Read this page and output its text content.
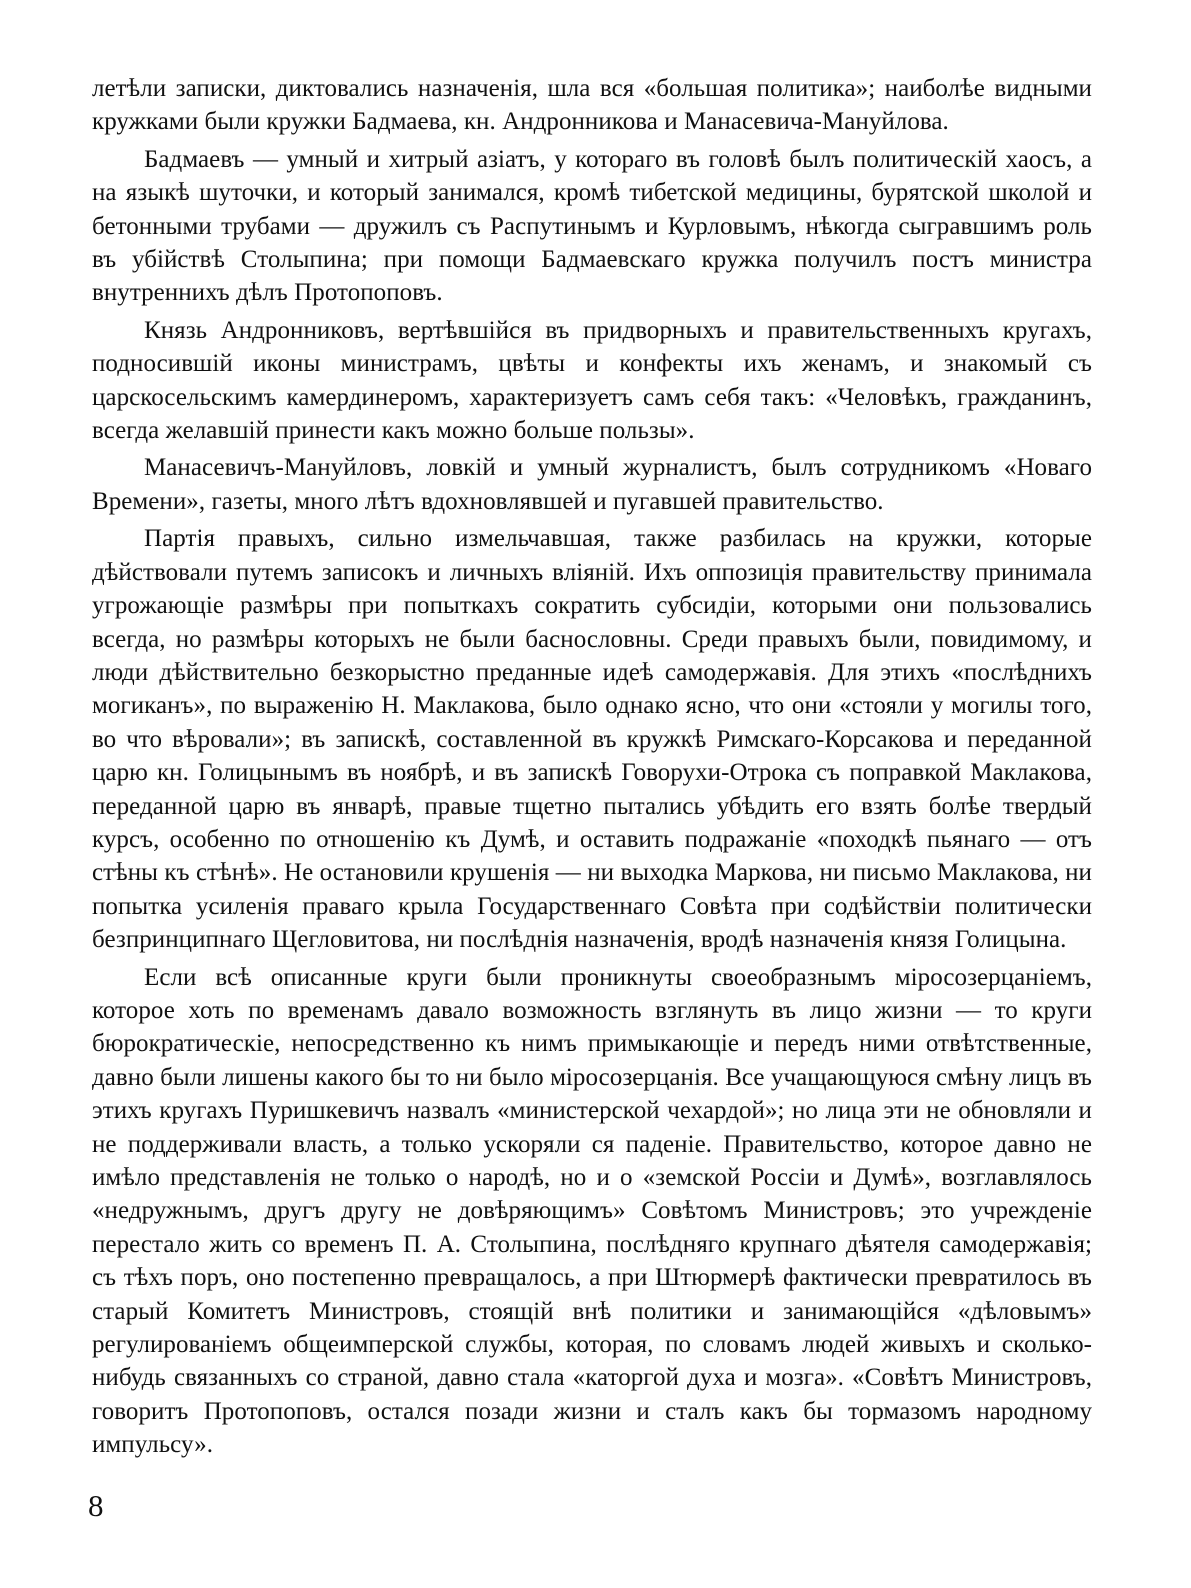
летѣли записки, диктовались назначенія, шла вся «большая политика»; наиболѣе видными кружками были кружки Бадмаева, кн. Андронникова и Манасевича-Мануйлова.

Бадмаевъ — умный и хитрый азіатъ, у котораго въ головѣ былъ политическій хаосъ, а на языкѣ шуточки, и который занимался, кромѣ тибетской медицины, бурятской школой и бетонными трубами — дружилъ съ Распутинымъ и Курловымъ, нѣкогда сыгравшимъ роль въ убійствѣ Столыпина; при помощи Бадмаевскаго кружка получилъ постъ министра внутреннихъ дѣлъ Протопоповъ.

Князь Андронниковъ, вертѣвшійся въ придворныхъ и правительственныхъ кругахъ, подносившій иконы министрамъ, цвѣты и конфекты ихъ женамъ, и знакомый съ царскосельскимъ камердинеромъ, характеризуетъ самъ себя такъ: «Человѣкъ, гражданинъ, всегда желавшій принести какъ можно больше пользы».

Манасевичъ-Мануйловъ, ловкій и умный журналистъ, былъ сотрудникомъ «Новаго Времени», газеты, много лѣтъ вдохновлявшей и пугавшей правительство.

Партія правыхъ, сильно измельчавшая, также разбилась на кружки, которые дѣйствовали путемъ записокъ и личныхъ вліяній. Ихъ оппозиція правительству принимала угрожающіе размѣры при попыткахъ сократить субсидіи, которыми они пользовались всегда, но размѣры которыхъ не были баснословны. Среди правыхъ были, повидимому, и люди дѣйствительно безкорыстно преданные идеѣ самодержавія. Для этихъ «послѣднихъ могиканъ», по выраженію Н. Маклакова, было однако ясно, что они «стояли у могилы того, во что вѣровали»; въ запискѣ, составленной въ кружкѣ Римскаго-Корсакова и переданной царю кн. Голицынымъ въ ноябрѣ, и въ запискѣ Говорухи-Отрока съ поправкой Маклакова, переданной царю въ январѣ, правые тщетно пытались убѣдить его взять болѣе твердый курсъ, особенно по отношенію къ Думѣ, и оставить подражаніе «походкѣ пьянаго — отъ стѣны къ стѣнѣ». Не остановили крушенія — ни выходка Маркова, ни письмо Маклакова, ни попытка усиленія праваго крыла Государственнаго Совѣта при содѣйствіи политически безпринципнаго Щегловитова, ни послѣднія назначенія, вродѣ назначенія князя Голицына.

Если всѣ описанные круги были проникнуты своеобразнымъ міросозерцаніемъ, которое хоть по временамъ давало возможность взглянуть въ лицо жизни — то круги бюрократическіе, непосредственно къ нимъ примыкающіе и передъ ними отвѣтственные, давно были лишены какого бы то ни было міросозерцанія. Все учащающуюся смѣну лицъ въ этихъ кругахъ Пуришкевичъ назвалъ «министерской чехардой»; но лица эти не обновляли и не поддерживали власть, а только ускоряли ся паденіе. Правительство, которое давно не имѣло представленія не только о народѣ, но и о «земской Россіи и Думѣ», возглавлялось «недружнымъ, другъ другу не довѣряющимъ» Совѣтомъ Министровъ; это учрежденіе перестало жить со временъ П. А. Столыпина, послѣдняго крупнаго дѣятеля самодержавія; съ тѣхъ поръ, оно постепенно превращалось, а при Штюрмерѣ фактически превратилось въ старый Комитетъ Министровъ, стоящій внѣ политики и занимающійся «дѣловымъ» регулированіемъ общеимперской службы, которая, по словамъ людей живыхъ и сколько-нибудь связанныхъ со страной, давно стала «каторгой духа и мозга». «Совѣтъ Министровъ, говоритъ Протопоповъ, остался позади жизни и сталъ какъ бы тормазомъ народному импульсу».

8
